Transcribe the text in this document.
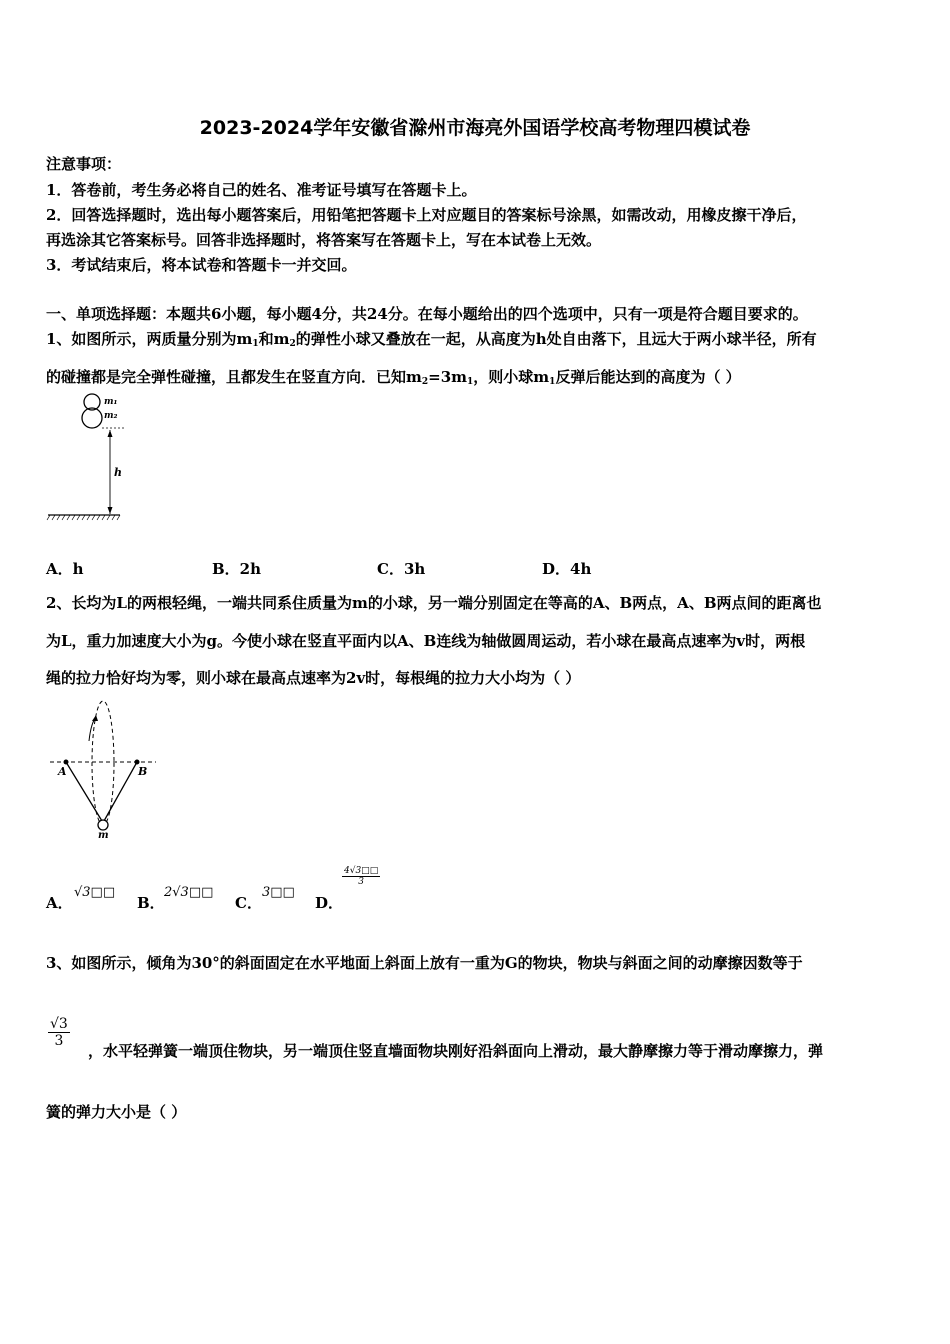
2023-2024学年安徽省滁州市海亮外国语学校高考物理四模试卷
注意事项：
1．答卷前，考生务必将自己的姓名、准考证号填写在答题卡上。
2．回答选择题时，选出每小题答案后，用铅笔把答题卡上对应题目的答案标号涂黑，如需改动，用橡皮擦干净后，
再选涂其它答案标号。回答非选择题时，将答案写在答题卡上，写在本试卷上无效。
3．考试结束后，将本试卷和答题卡一并交回。
一、单项选择题：本题共6小题，每小题4分，共24分。在每小题给出的四个选项中，只有一项是符合题目要求的。
1、如图所示，两质量分别为$m_1$和$m_2$的弹性小球又叠放在一起，从高度为h处自由落下，且远大于两小球半径，所有
的碰撞都是完全弹性碰撞，且都发生在竖直方向．已知$m_2=3m_1$，则小球$m_1$反弹后能达到的高度为（ ）
m₁
m₂
h
A．h	B．2h	C．3h	D．4h
2、长均为L的两根轻绳，一端共同系住质量为m的小球，另一端分别固定在等高的A、B两点，A、B两点间的距离也
为L，重力加速度大小为g。今使小球在竖直平面内以A、B连线为轴做圆周运动，若小球在最高点速率为v时，两根
绳的拉力恰好均为零，则小球在最高点速率为2v时，每根绳的拉力大小均为（ ）
A	B
m
A．
√3□□
B．
2√3□□
C．
3□□
D．
$\frac{4√3□□}{3}$
3、如图所示，倾角为30°的斜面固定在水平地面上斜面上放有一重为G的物块，物块与斜面之间的动摩擦因数等于
$\frac{√3}{3}$
，水平轻弹簧一端顶住物块，另一端顶住竖直墙面物块刚好沿斜面向上滑动，最大静摩擦力等于滑动摩擦力，弹
簧的弹力大小是（ ）
